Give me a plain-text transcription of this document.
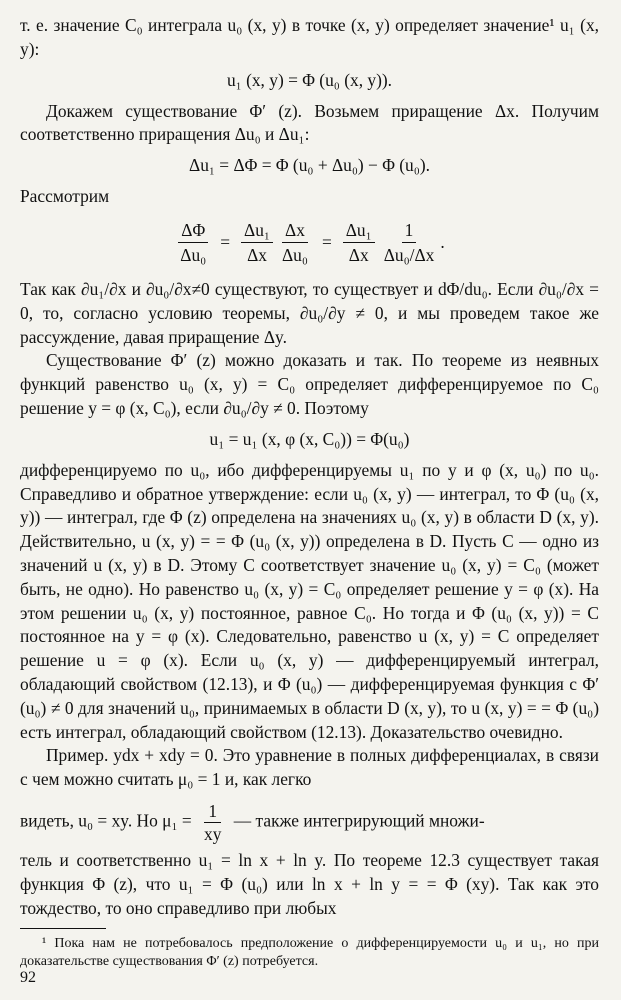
т. е. значение C₀ интеграла u₀ (x, y) в точке (x, y) определяет значение¹ u₁ (x, y):

u₁ (x, y) = Φ (u₀ (x, y)).

Докажем существование Φ′ (z). Возьмем приращение Δx. Получим соответственно приращения Δu₀ и Δu₁:

Δu₁ = ΔΦ = Φ (u₀ + Δu₀) − Φ (u₀).

Рассмотрим

$\frac{\Delta\Phi}{\text{Δu₀}} = \frac{\text{Δu₁}}{\Delta x} \frac{\Delta x}{\text{Δu₀}} = \frac{\text{Δu₁}}{\Delta x} \frac{1}{\text{Δu₀/Δx}}$ .

Так как ∂u₁/∂x и ∂u₀/∂x≠0 существуют, то существует и dΦ/du₀. Если ∂u₀/∂x = 0, то, согласно условию теоремы, ∂u₀/∂y ≠ 0, и мы проведем такое же рассуждение, давая приращение Δy.

Существование Φ′ (z) можно доказать и так. По теореме из неявных функций равенство u₀ (x, y) = C₀ определяет дифференцируемое по C₀ решение y = φ (x, C₀), если ∂u₀/∂y ≠ 0. Поэтому

u₁ = u₁ (x, φ (x, C₀)) = Φ(u₀)

дифференцируемо по u₀, ибо дифференцируемы u₁ по y и φ (x, u₀) по u₀. Справедливо и обратное утверждение: если u₀ (x, y) — интеграл, то Φ (u₀ (x, y)) — интеграл, где Φ (z) определена на значениях u₀ (x, y) в области D (x, y). Действительно, u (x, y) = = Φ (u₀ (x, y)) определена в D. Пусть C — одно из значений u (x, y) в D. Этому C соответствует значение u₀ (x, y) = C₀ (может быть, не одно). Но равенство u₀ (x, y) = C₀ определяет решение y = φ (x). На этом решении u₀ (x, y) постоянное, равное C₀. Но тогда и Φ (u₀ (x, y)) = C постоянное на y = φ (x). Следовательно, равенство u (x, y) = C определяет решение u = φ (x). Если u₀ (x, y) — дифференцируемый интеграл, обладающий свойством (12.13), и Φ (u₀) — дифференцируемая функция с Φ′ (u₀) ≠ 0 для значений u₀, принимаемых в области D (x, y), то u (x, y) = = Φ (u₀) есть интеграл, обладающий свойством (12.13). Доказательство очевидно.

Пример. ydx + xdy = 0. Это уравнение в полных дифференциалах, в связи с чем можно считать μ₀ = 1 и, как легко

видеть, u₀ = xy. Но $\mu_1 = \frac{1}{xy}$ — также интегрирующий множи-

тель и соответственно u₁ = ln x + ln y. По теореме 12.3 существует такая функция Φ (z), что u₁ = Φ (u₀) или ln x + ln y = = Φ (xy). Так как это тождество, то оно справедливо при любых

¹ Пока нам не потребовалось предположение о дифференцируемости u₀ и u₁, но при доказательстве существования Φ′ (z) потребуется.

92
